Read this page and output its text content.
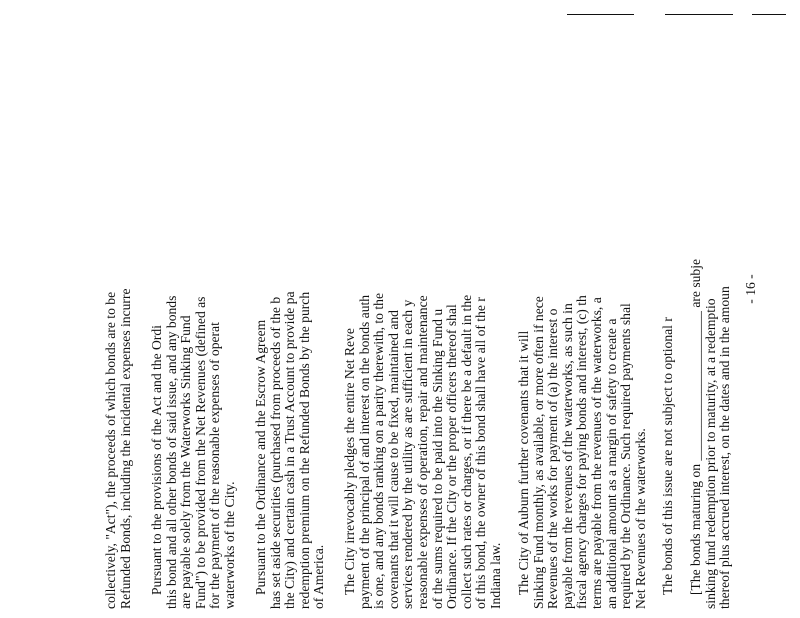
collectively, "Act"), the proceeds of which bonds are to be Refunded Bonds, including the incidental expenses incurre Pursuant to the provisions of the Act and the Ordi this bond and all other bonds of said issue, and any bonds are payable solely from the Waterworks Sinking Fund Fund") to be provided from the Net Revenues (defined as for the payment of the reasonable expenses of operat waterworks of the City. Pursuant to the Ordinance and the Escrow Agreem has set aside securities (purchased from proceeds of the b the City) and certain cash in a Trust Account to provide pa redemption premium on the Refunded Bonds by the purch of America. The City irrevocably pledges the entire Net Reve payment of the principal of and interest on the bonds auth is one, and any bonds ranking on a parity therewith, to the covenants that it will cause to be fixed, maintained and services rendered by the utility as are sufficient in each y reasonable expenses of operation, repair and maintenance of the sums required to be paid into the Sinking Fund u Ordinance. If the City or the proper officers thereof shal collect such rates or charges, or if there be a default in the of this bond, the owner of this bond shall have all of the r Indiana law. The City of Auburn further covenants that it will Sinking Fund monthly, as available, or more often if nece Revenues of the works for payment of (a) the interest o payable from the revenues of the waterworks, as such in fiscal agency charges for paying bonds and interest, (c) th terms are payable from the revenues of the waterworks, a an additional amount as a margin of safety to create a required by the Ordinance. Such required payments shal Net Revenues of the waterworks. The bonds of this issue are not subject to optional r [The bonds maturing on ______________________ are subje sinking fund redemption prior to maturity, at a redemptio thereof plus accrued interest, on the dates and in the amoun - 16 -
